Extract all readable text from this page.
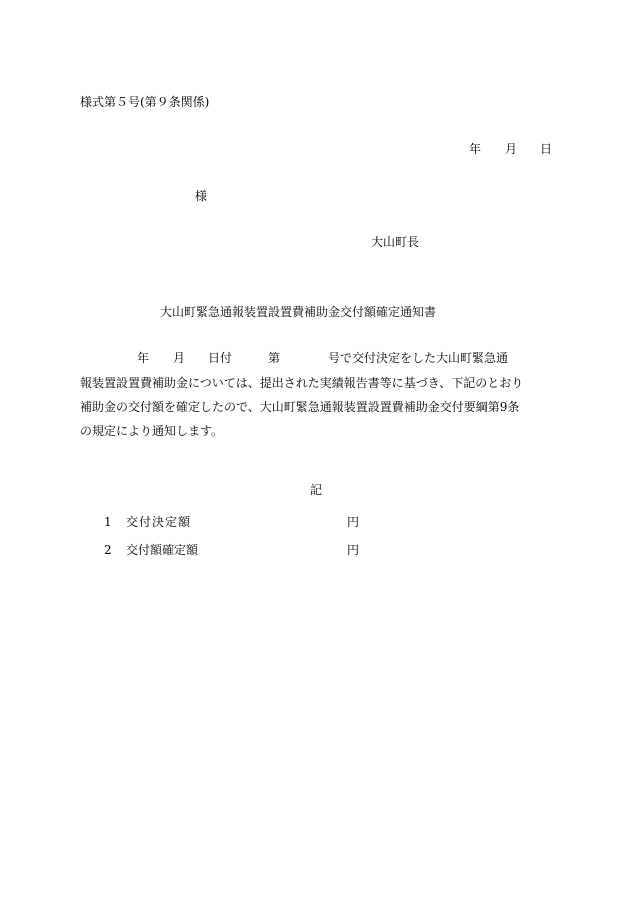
様式第５号(第９条関係)
年 月 日
様
大山町長
大山町緊急通報装置設置費補助金交付額確定通知書
年 月 日付	第	号で交付決定をした大山町緊急通
報装置設置費補助金については、提出された実績報告書等に基づき、下記のとおり
補助金の交付額を確定したので、大山町緊急通報装置設置費補助金交付要綱第9条
の規定により通知します。
記
1 交付決定額	円
2 交付額確定額	円
